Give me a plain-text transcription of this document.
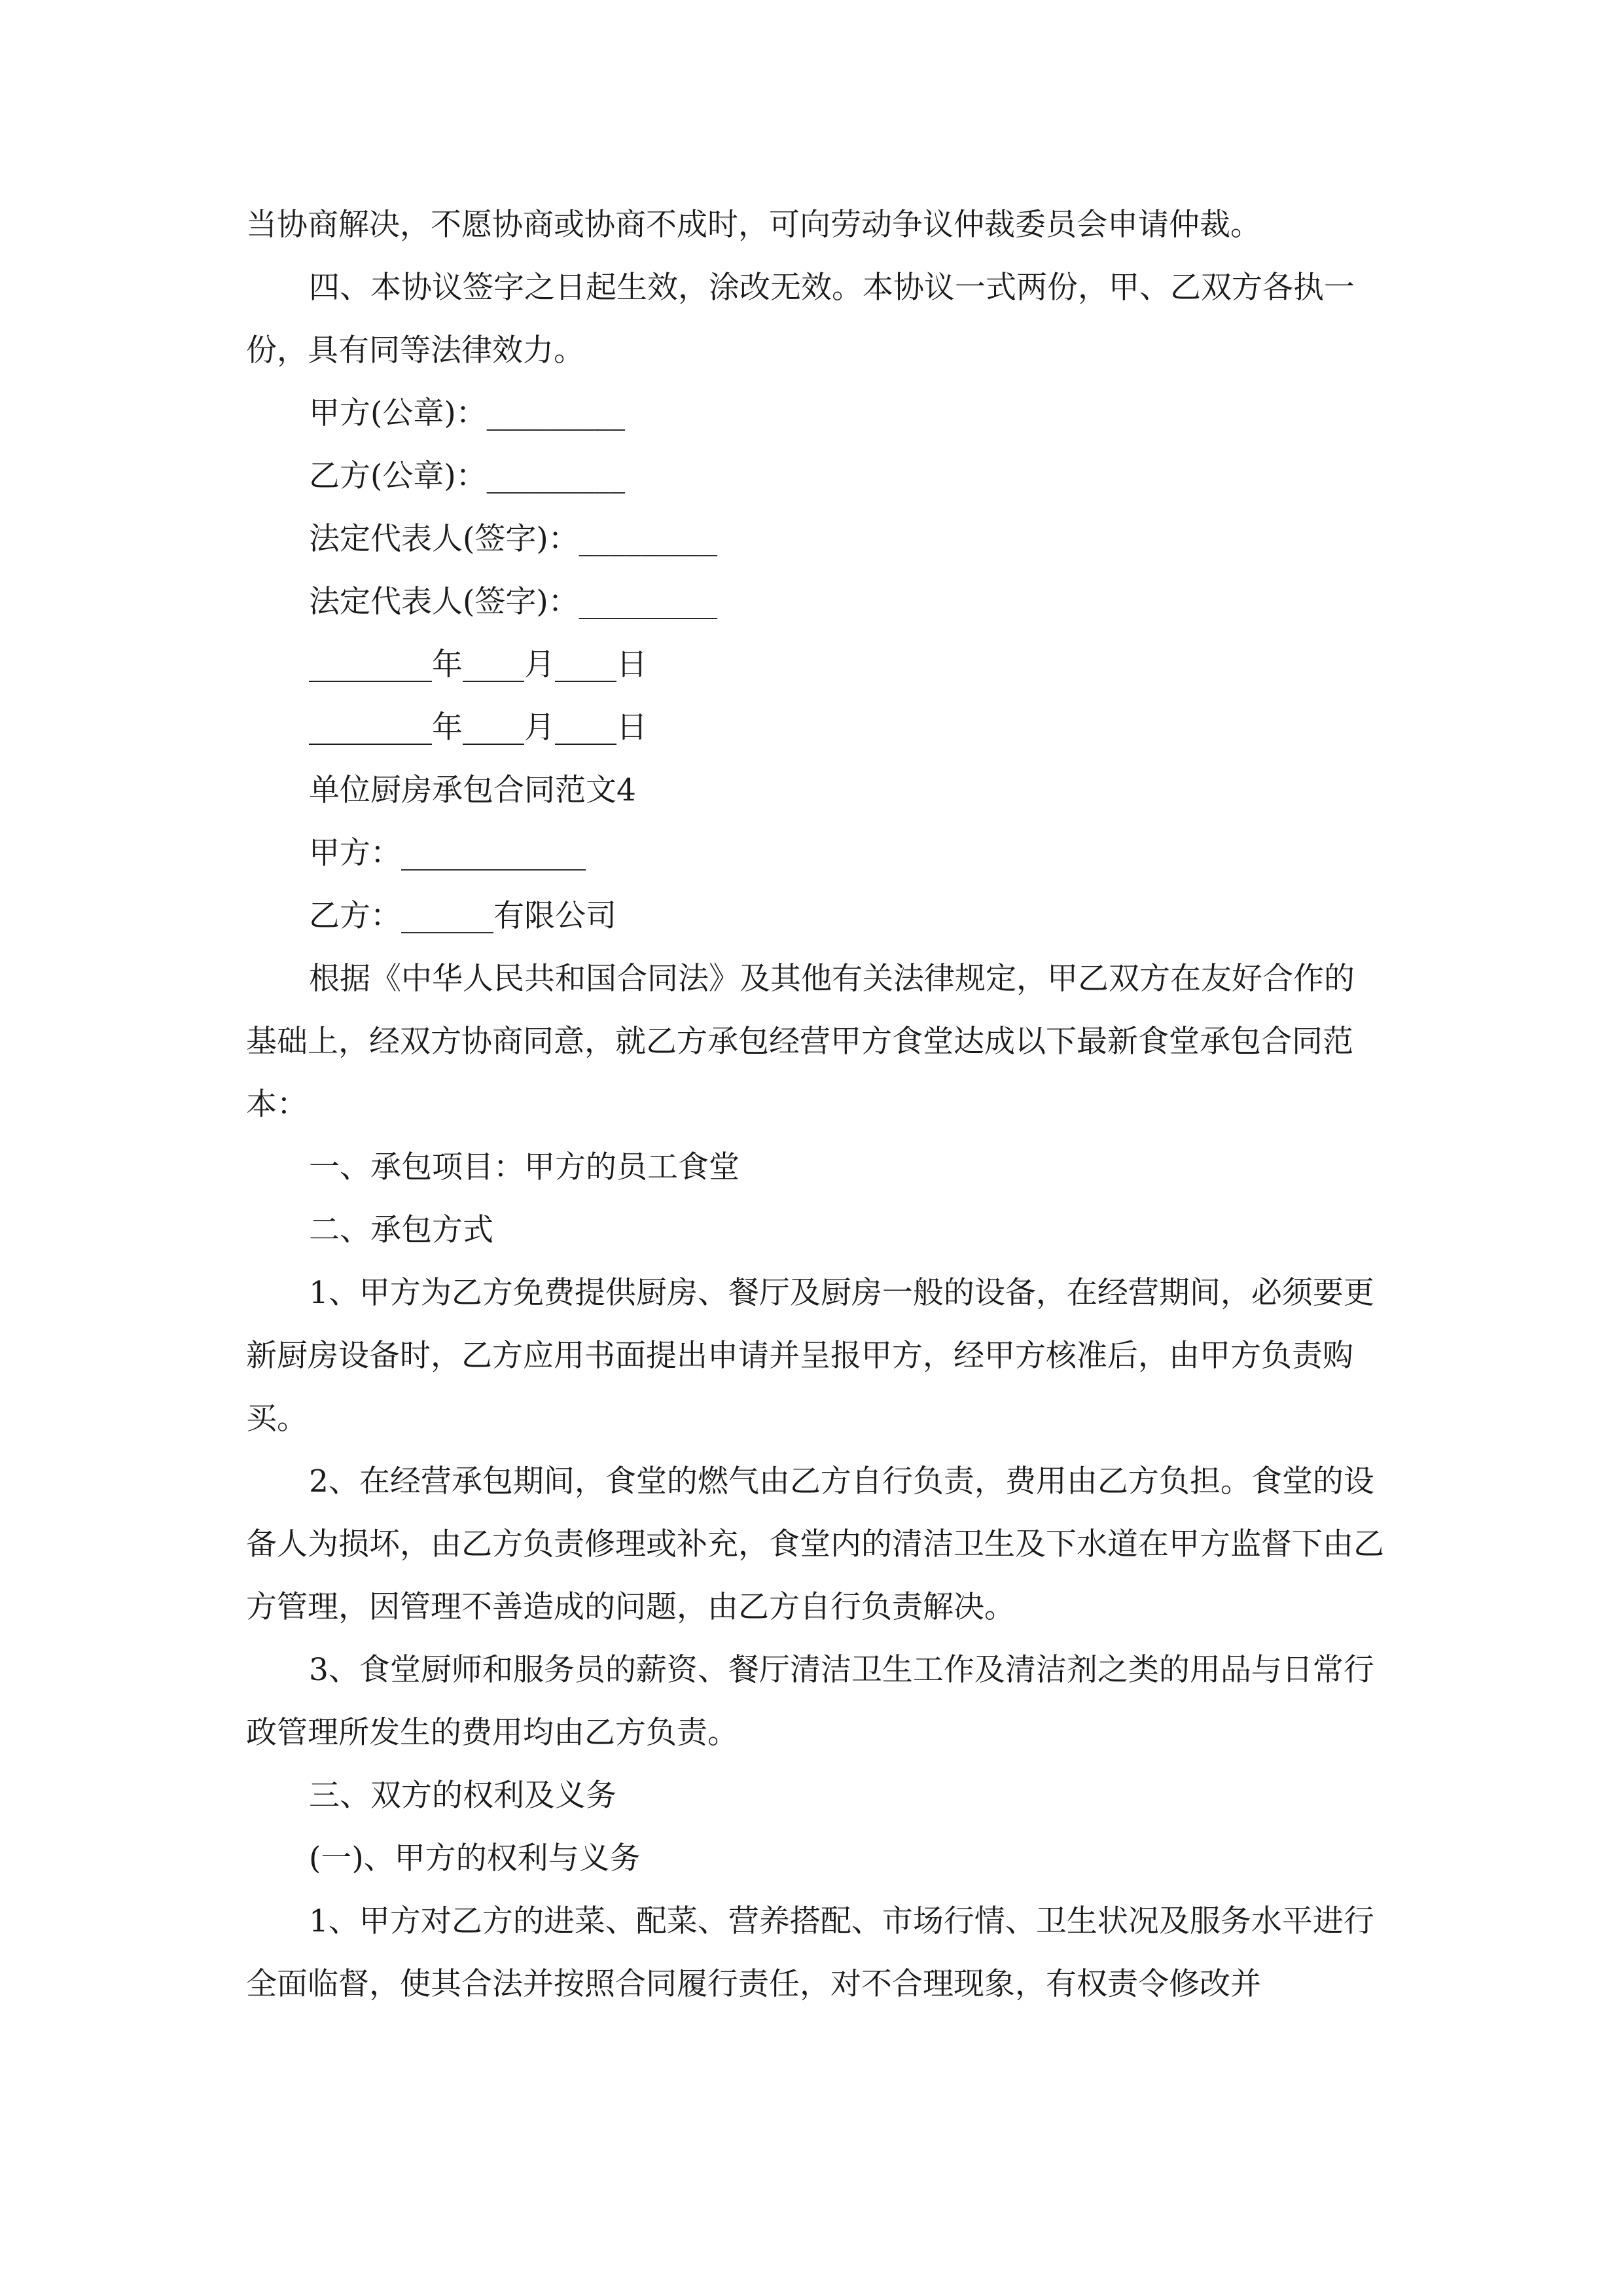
当协商解决，不愿协商或协商不成时，可向劳动争议仲裁委员会申请仲裁。

四、本协议签字之日起生效，涂改无效。本协议一式两份，甲、乙双方各执一份，具有同等法律效力。

甲方(公章)：_________

乙方(公章)：_________

法定代表人(签字)：_________

法定代表人(签字)：_________

________年____月____日

________年____月____日

单位厨房承包合同范文4

甲方：____________

乙方：______有限公司

根据《中华人民共和国合同法》及其他有关法律规定，甲乙双方在友好合作的基础上，经双方协商同意，就乙方承包经营甲方食堂达成以下最新食堂承包合同范本：

一、承包项目：甲方的员工食堂

二、承包方式

1、甲方为乙方免费提供厨房、餐厅及厨房一般的设备，在经营期间，必须要更新厨房设备时，乙方应用书面提出申请并呈报甲方，经甲方核准后，由甲方负责购买。

2、在经营承包期间，食堂的燃气由乙方自行负责，费用由乙方负担。食堂的设备人为损坏，由乙方负责修理或补充，食堂内的清洁卫生及下水道在甲方监督下由乙方管理，因管理不善造成的问题，由乙方自行负责解决。

3、食堂厨师和服务员的薪资、餐厅清洁卫生工作及清洁剂之类的用品与日常行政管理所发生的费用均由乙方负责。

三、双方的权利及义务

(一)、甲方的权利与义务

1、甲方对乙方的进菜、配菜、营养搭配、市场行情、卫生状况及服务水平进行全面临督，使其合法并按照合同履行责任，对不合理现象，有权责令修改并
